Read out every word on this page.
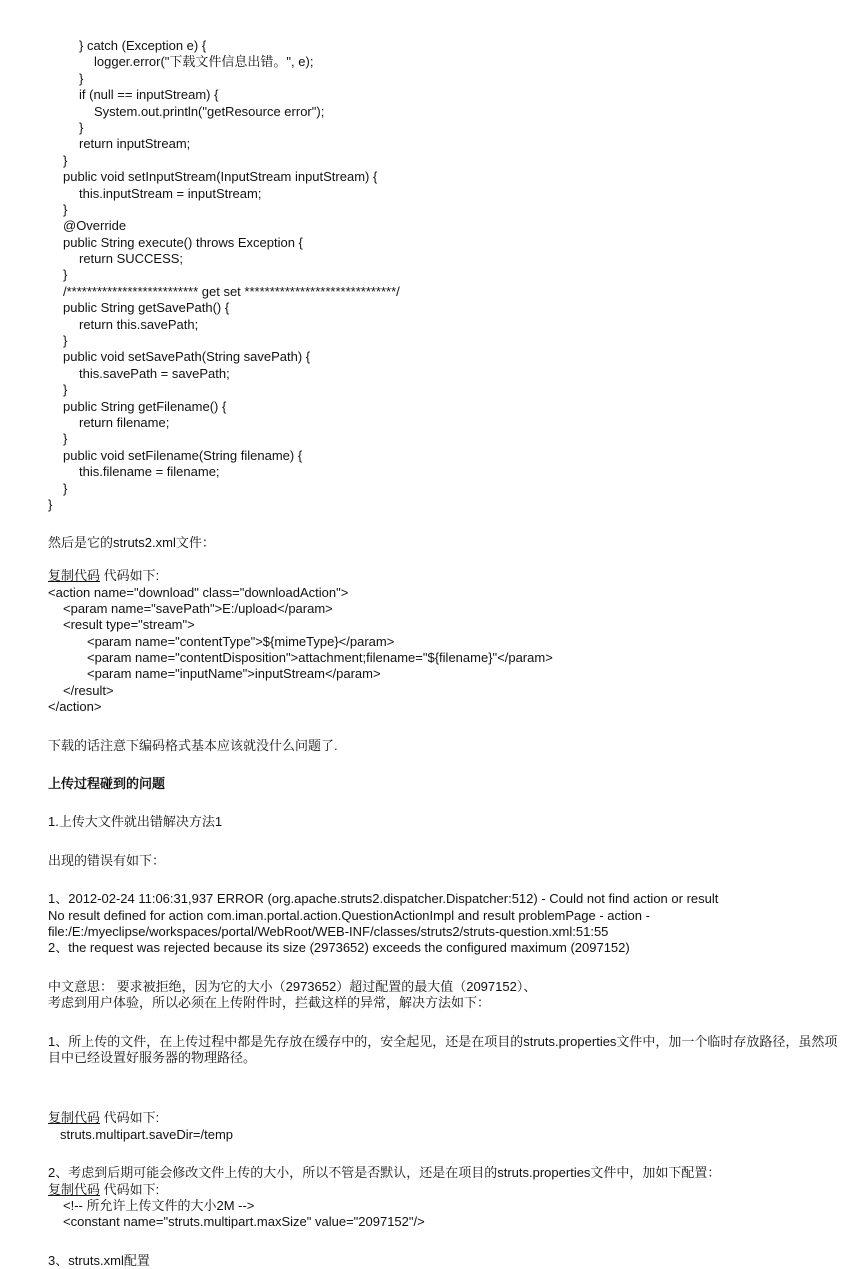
} catch (Exception e) {
logger.error("下载文件信息出错。", e);
}
if (null == inputStream) {
System.out.println("getResource error");
}
return inputStream;
}
public void setInputStream(InputStream inputStream) {
this.inputStream = inputStream;
}
@Override
public String execute() throws Exception {
return SUCCESS;
}
/************************** get set ******************************/
public String getSavePath() {
return this.savePath;
}
public void setSavePath(String savePath) {
this.savePath = savePath;
}
public String getFilename() {
return filename;
}
public void setFilename(String filename) {
this.filename = filename;
}
}
然后是它的struts2.xml文件：
复制代码 代码如下:
<action name="download" class="downloadAction">
<param name="savePath">E:/upload</param>
<result type="stream">
<param name="contentType">${mimeType}</param>
<param name="contentDisposition">attachment;filename="${filename}"</param>
<param name="inputName">inputStream</param>
</result>
</action>
下载的话注意下编码格式基本应该就没什么问题了.
上传过程碰到的问题
1.上传大文件就出错解决方法1
出现的错误有如下：
1、2012-02-24 11:06:31,937 ERROR (org.apache.struts2.dispatcher.Dispatcher:512) - Could not find action or result
No result defined for action com.iman.portal.action.QuestionActionImpl and result problemPage - action -
file:/E:/myeclipse/workspaces/portal/WebRoot/WEB-INF/classes/struts2/struts-question.xml:51:55
2、the request was rejected because its size (2973652) exceeds the configured maximum (2097152)
中文意思： 要求被拒绝，因为它的大小（2973652）超过配置的最大值（2097152）、
考虑到用户体验，所以必须在上传附件时，拦截这样的异常，解决方法如下：
1、所上传的文件，在上传过程中都是先存放在缓存中的，安全起见，还是在项目的struts.properties文件中，加一个临时存放路径，虽然项目中已经设置好服务器的物理路径。
复制代码 代码如下:
struts.multipart.saveDir=/temp
2、考虑到后期可能会修改文件上传的大小，所以不管是否默认，还是在项目的struts.properties文件中，加如下配置：
复制代码 代码如下:
<!-- 所允许上传文件的大小2M -->
<constant name="struts.multipart.maxSize" value="2097152"/>
3、struts.xml配置
